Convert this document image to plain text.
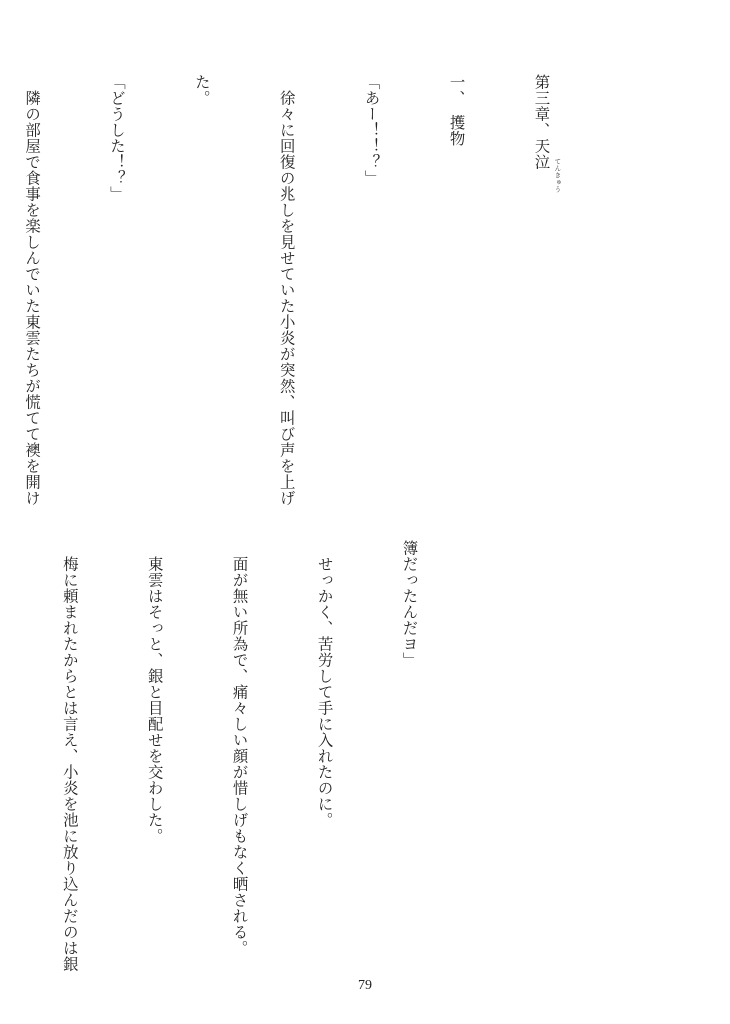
第三章、天泣 てんきゅう

一、　擭物

「あー！！？」

　徐々に回復の兆しを見せていた小炎が突然、叫び声を上げ

た。

「どうした！？」

　隣の部屋で食事を楽しんでいた東雲たちが慌てて襖を開け

簿だったんだヨ」

　せっかく、苦労して手に入れたのに。

　面が無い所為で、痛々しい顔が惜しげもなく晒される。

　東雲はそっと、銀と目配せを交わした。

　梅に頼まれたからとは言え、小炎を池に放り込んだのは銀

79
